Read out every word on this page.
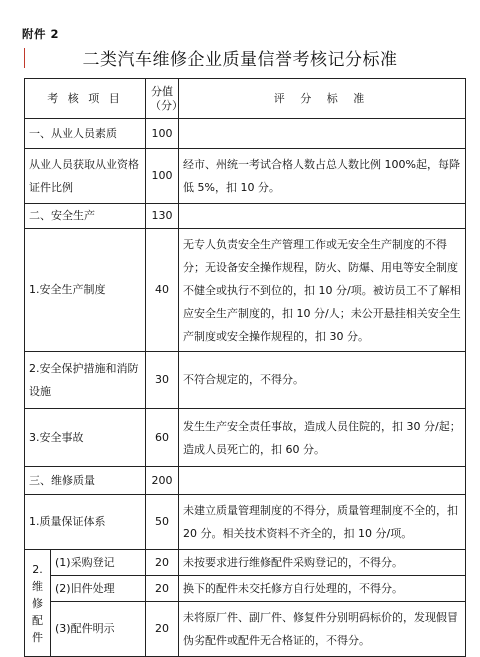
附件 2
二类汽车维修企业质量信誉考核记分标准
考 核 项 目		分值（分）	评 分 标 准
一、从业人员素质		100	
从业人员获取从业资格证件比例		100	经市、州统一考试合格人数占总人数比例 100%起，每降低 5%，扣 10 分。
二、安全生产		130	
1.安全生产制度		40	无专人负责安全生产管理工作或无安全生产制度的不得分；无设备安全操作规程，防火、防爆、用电等安全制度不健全或执行不到位的，扣 10 分/项。被访员工不了解相应安全生产制度的，扣 10 分/人；未公开悬挂相关安全生产制度或安全操作规程的，扣 30 分。
2.安全保护措施和消防设施		30	不符合规定的，不得分。
3.安全事故		60	发生生产安全责任事故，造成人员住院的，扣 30 分/起；造成人员死亡的，扣 60 分。
三、维修质量		200	
1.质量保证体系		50	未建立质量管理制度的不得分，质量管理制度不全的，扣 20 分。相关技术资料不齐全的，扣 10 分/项。
2.维修配件	(1)采购登记	20	未按要求进行维修配件采购登记的，不得分。
	(2)旧件处理	20	换下的配件未交托修方自行处理的，不得分。
	(3)配件明示	20	未将原厂件、副厂件、修复件分别明码标价的，发现假冒伪劣配件或配件无合格证的，不得分。
